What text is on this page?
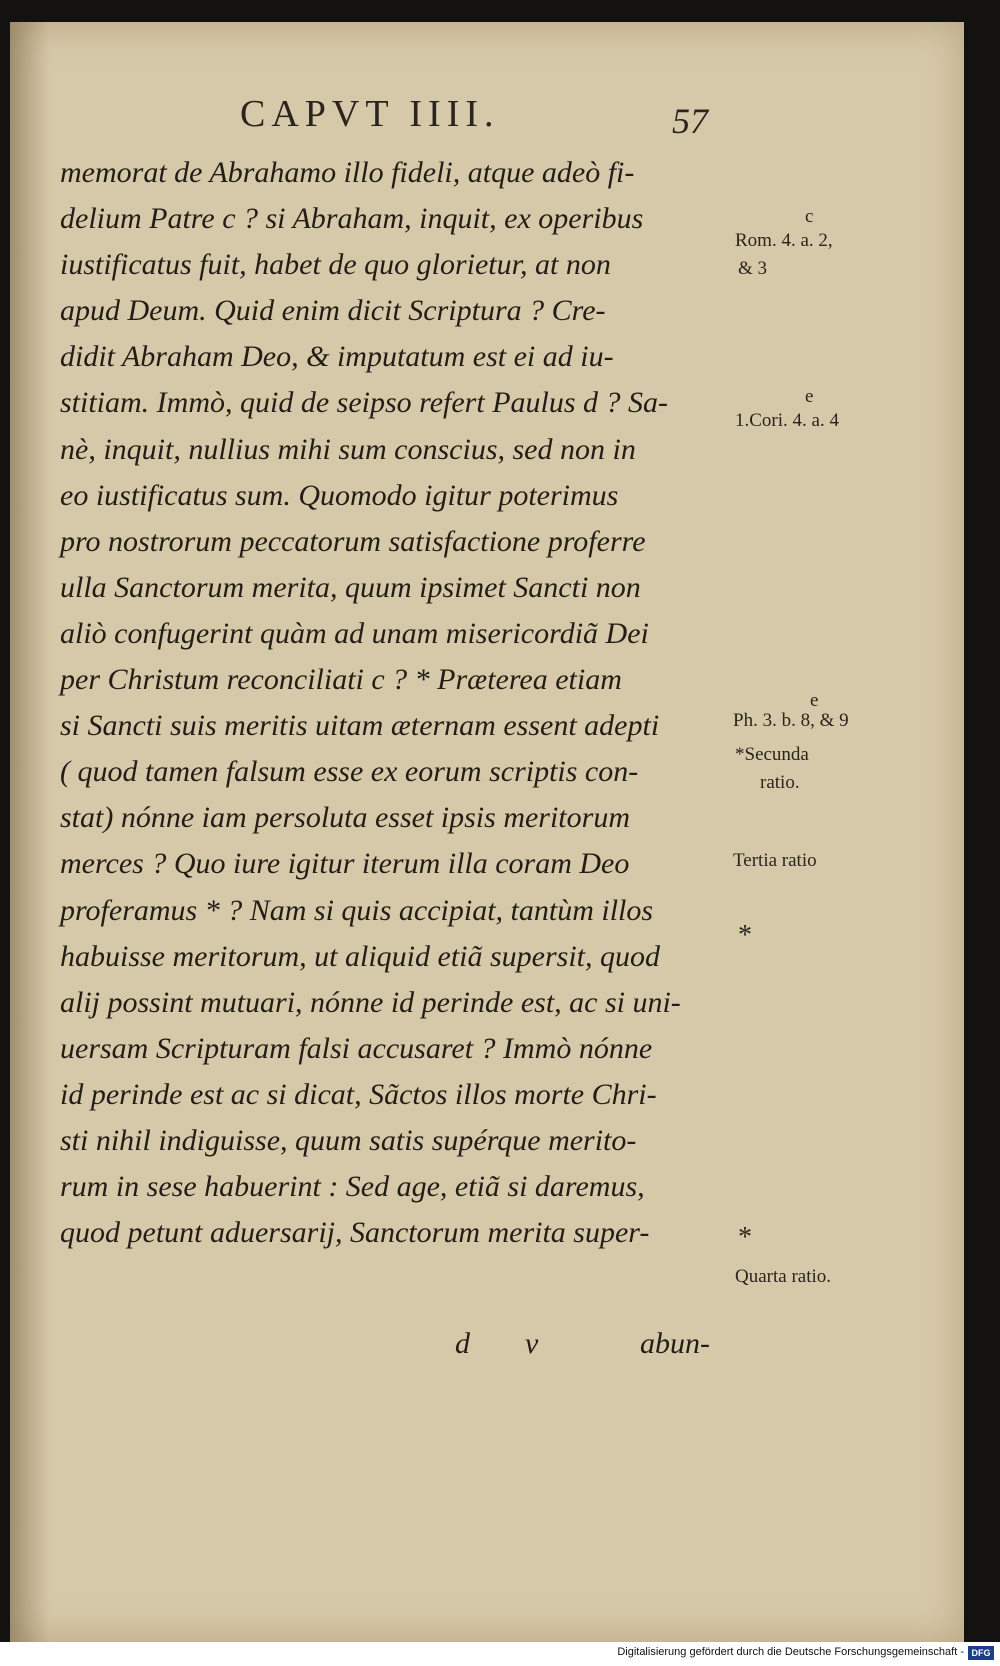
CAPVT IIII.	57
memorat de Abrahamo illo fideli, atque adeò fi-
delium Patre c ? si Abraham, inquit, ex operibus
iustificatus fuit, habet de quo glorietur, at non
apud Deum. Quid enim dicit Scriptura ? Cre-
didit Abraham Deo, & imputatum est ei ad iu-
stitiam. Immò, quid de seipso refert Paulus d ? Sa-
nè, inquit, nullius mihi sum conscius, sed non in
eo iustificatus sum. Quomodo igitur poterimus
pro nostrorum peccatorum satisfactione proferre
ulla Sanctorum merita, quum ipsimet Sancti non
aliò confugerint quàm ad unam misericordiã Dei
per Christum reconciliati c ? * Præterea etiam
si Sancti suis meritis uitam æternam essent adepti
( quod tamen falsum esse ex eorum scriptis con-
stat) nónne iam persoluta esset ipsis meritorum
merces ? Quo iure igitur iterum illa coram Deo
proferamus * ? Nam si quis accipiat, tantùm illos
habuisse meritorum, ut aliquid etiã supersit, quod
alij possint mutuari, nónne id perinde est, ac si uni-
uersam Scripturam falsi accusaret ? Immò nónne
id perinde est ac si dicat, Sãctos illos morte Chri-
sti nihil indiguisse, quum satis supérque merito-
rum in sese habuerint : Sed age, etiã si daremus,
quod petunt aduersarij, Sanctorum merita super-
d v	abun-
c
Rom. 4. a. 2,
& 3
e
1.Cori. 4. a. 4
e
Ph. 3. b. 8, & 9
*Secunda
ratio.
Tertia ratio
*
*
Quarta ratio.
Digitalisierung gefördert durch die Deutsche Forschungsgemeinschaft - DFG
